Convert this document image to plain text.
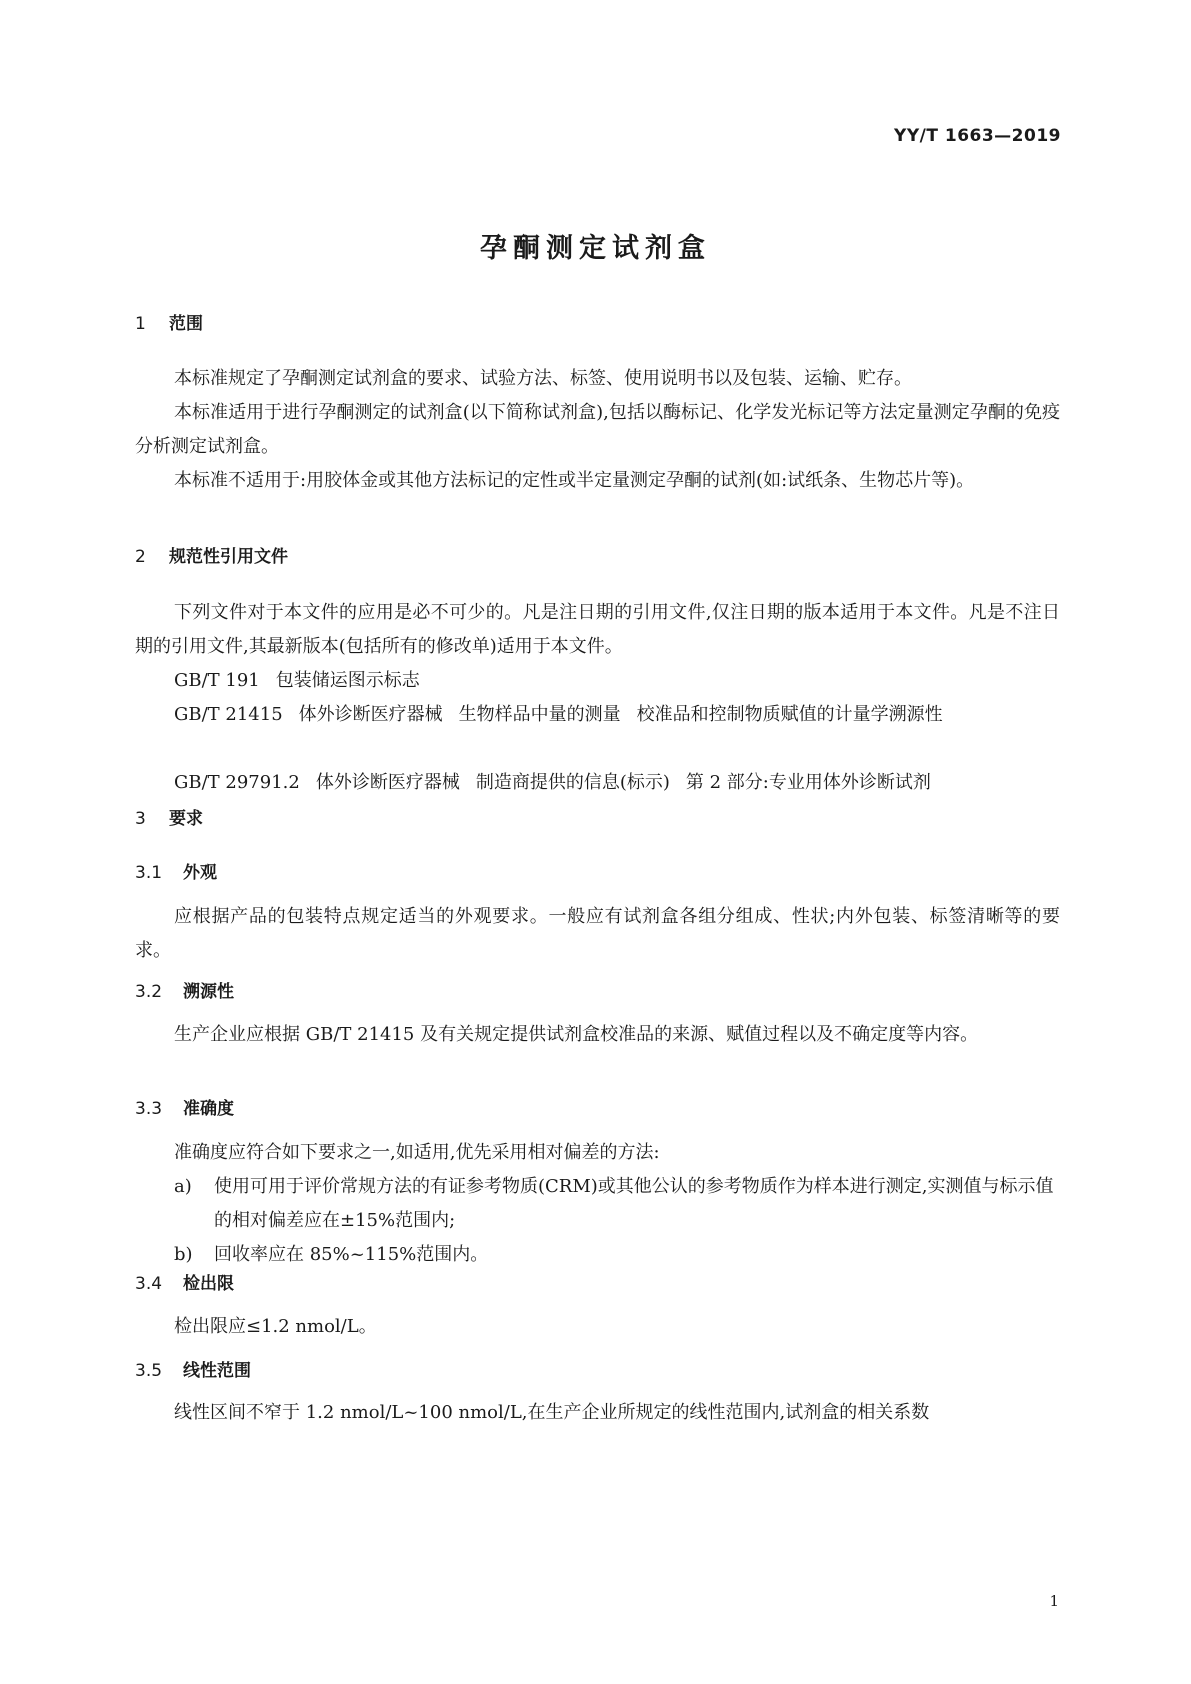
YY/T 1663—2019
孕酮测定试剂盒
1 范围
本标准规定了孕酮测定试剂盒的要求、试验方法、标签、使用说明书以及包装、运输、贮存。
本标准适用于进行孕酮测定的试剂盒(以下简称试剂盒),包括以酶标记、化学发光标记等方法定量测定孕酮的免疫分析测定试剂盒。
本标准不适用于:用胶体金或其他方法标记的定性或半定量测定孕酮的试剂(如:试纸条、生物芯片等)。
2 规范性引用文件
下列文件对于本文件的应用是必不可少的。凡是注日期的引用文件,仅注日期的版本适用于本文件。凡是不注日期的引用文件,其最新版本(包括所有的修改单)适用于本文件。
GB/T 191 包装储运图示标志
GB/T 21415 体外诊断医疗器械 生物样品中量的测量 校准品和控制物质赋值的计量学溯源性
GB/T 29791.2 体外诊断医疗器械 制造商提供的信息(标示) 第 2 部分:专业用体外诊断试剂
3 要求
3.1 外观
应根据产品的包装特点规定适当的外观要求。一般应有试剂盒各组分组成、性状;内外包装、标签清晰等的要求。
3.2 溯源性
生产企业应根据 GB/T 21415 及有关规定提供试剂盒校准品的来源、赋值过程以及不确定度等内容。
3.3 准确度
准确度应符合如下要求之一,如适用,优先采用相对偏差的方法:
a)	使用可用于评价常规方法的有证参考物质(CRM)或其他公认的参考物质作为样本进行测定,实测值与标示值的相对偏差应在±15%范围内;
b)	回收率应在 85%~115%范围内。
3.4 检出限
检出限应≤1.2 nmol/L。
3.5 线性范围
线性区间不窄于 1.2 nmol/L~100 nmol/L,在生产企业所规定的线性范围内,试剂盒的相关系数
1
